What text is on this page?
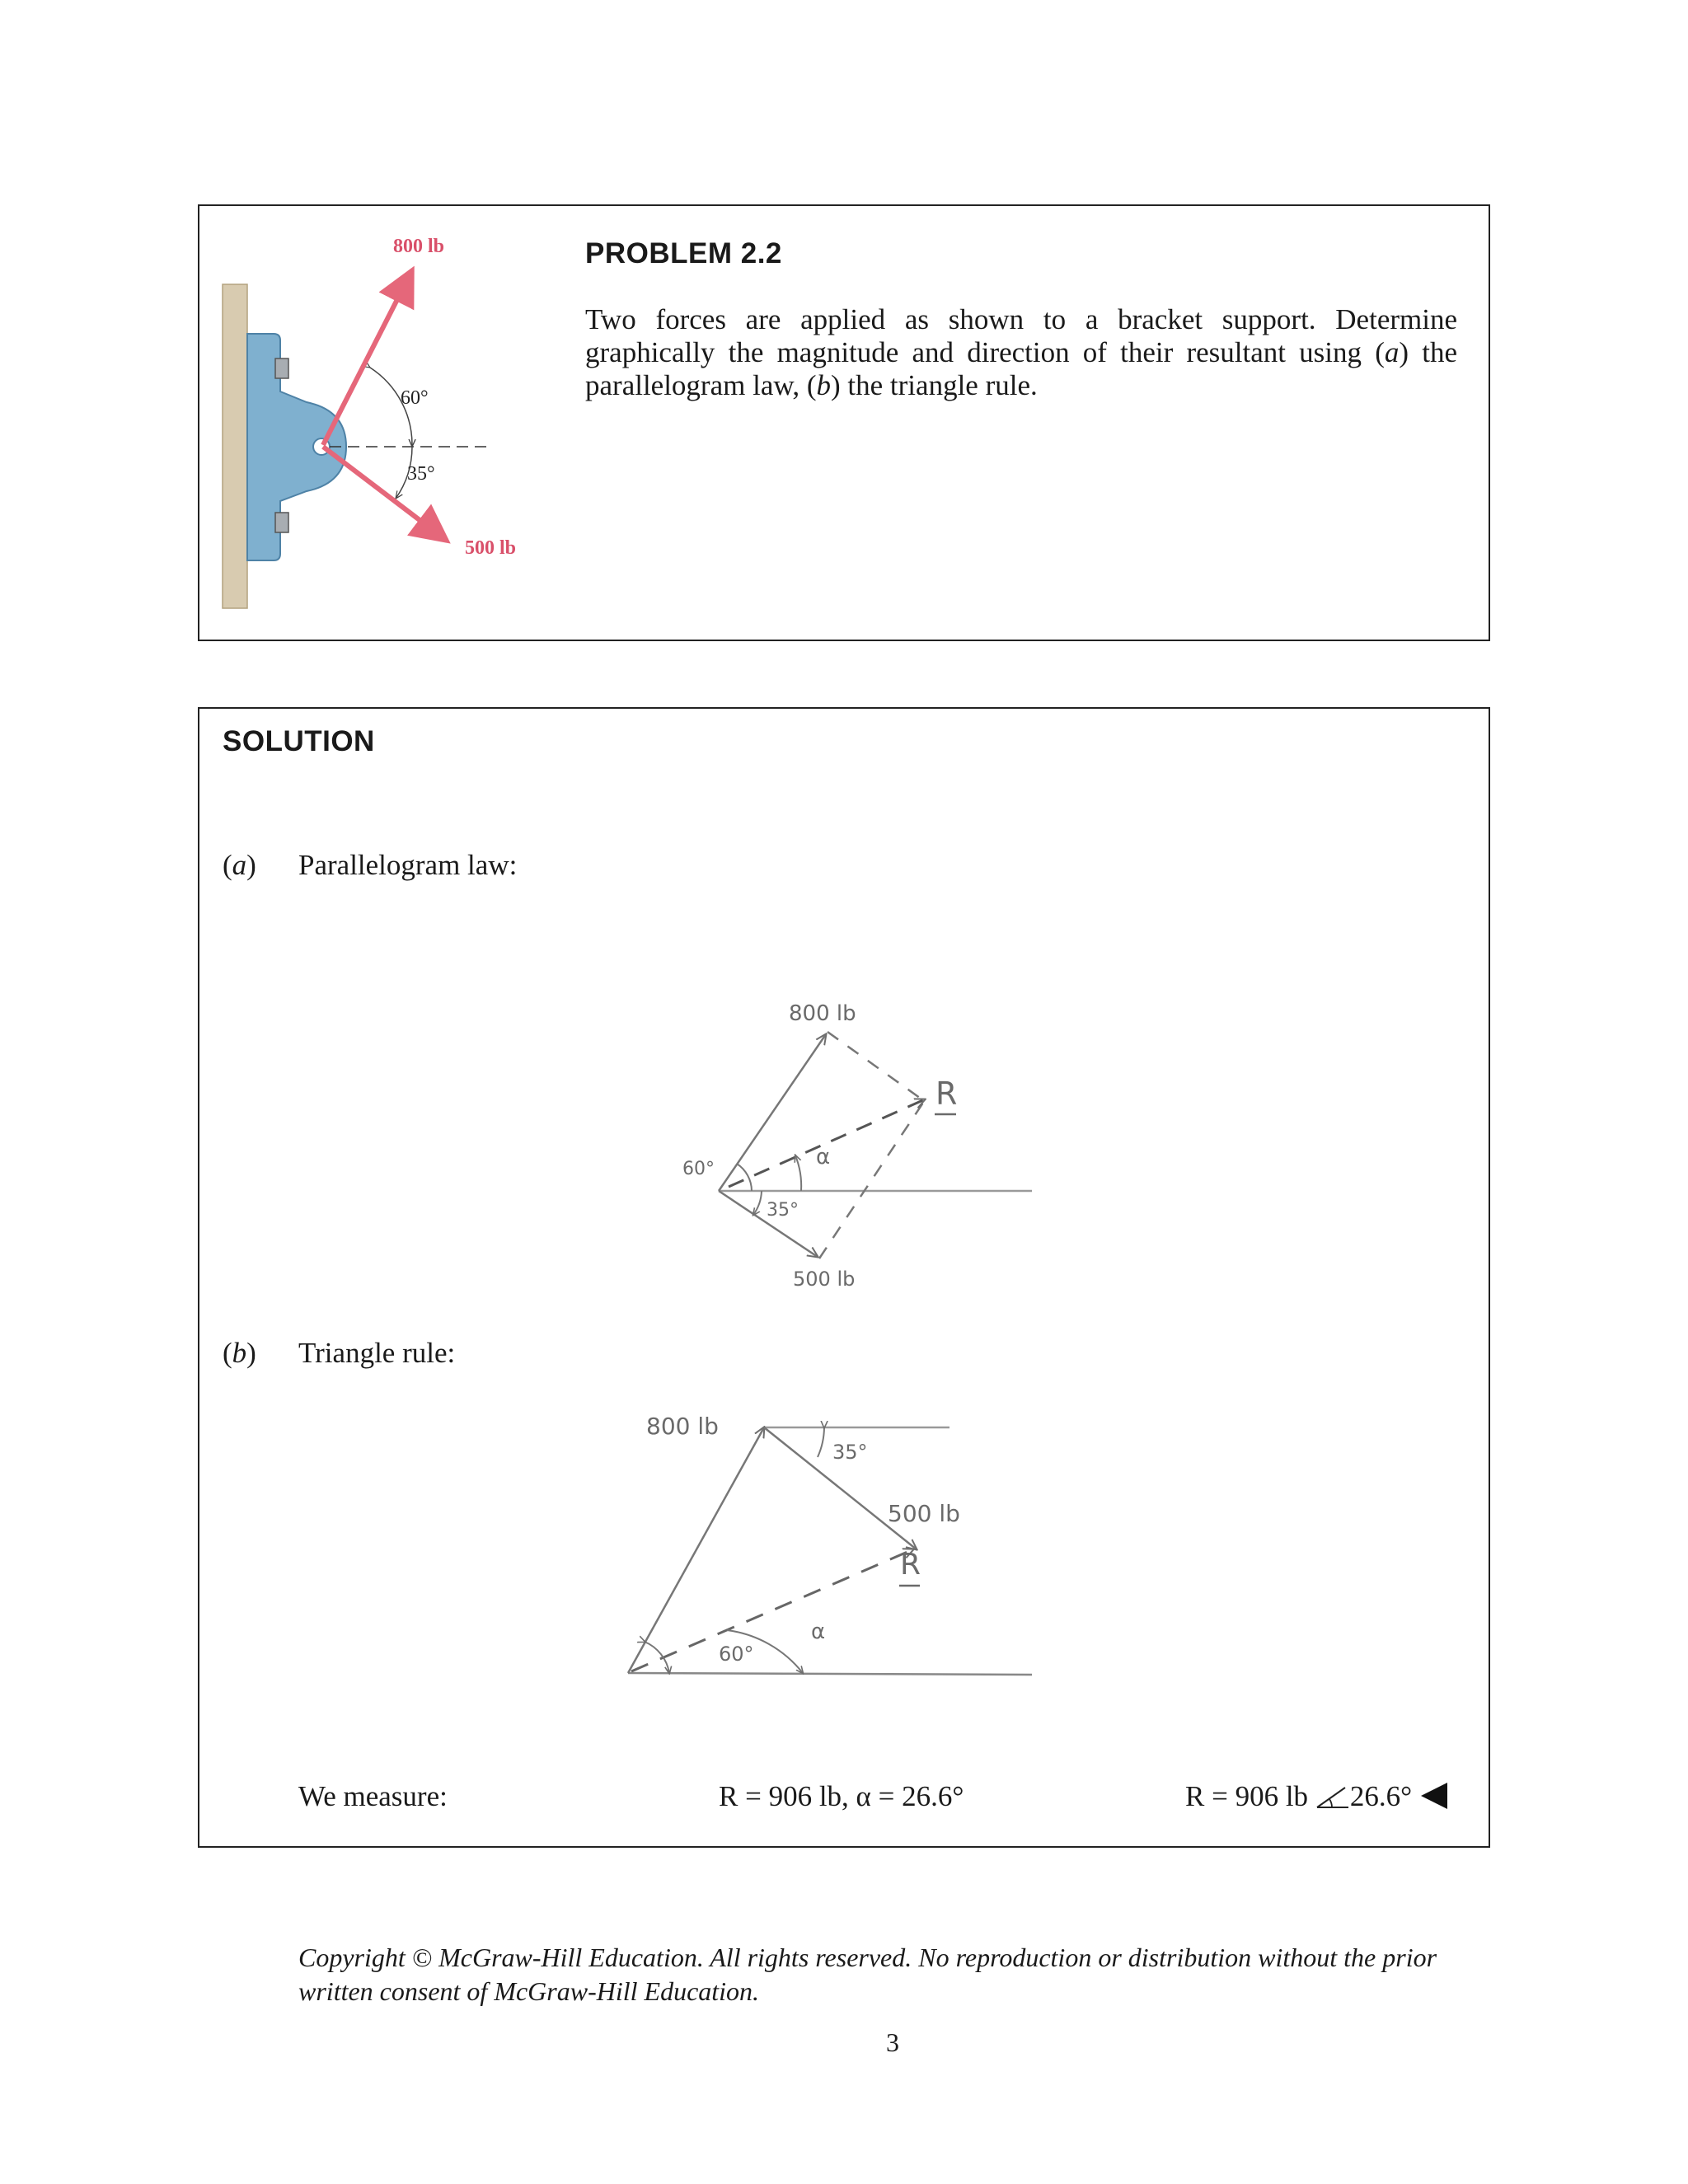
800 lb
500 lb
60°
35°
PROBLEM 2.2
Two forces are applied as shown to a bracket support. Determine graphically the magnitude and direction of their resultant using (a) the parallelogram law, (b) the triangle rule.
SOLUTION
(a) Parallelogram law:
800 lb
500 lb
60°
35°
α
R
(b) Triangle rule:
800 lb
35°
500 lb
R
60°
α
We measure:	R = 906 lb, α = 26.6°	R = 906 lb 26.6°
Copyright © McGraw-Hill Education. All rights reserved. No reproduction or distribution without the prior written consent of McGraw-Hill Education.
3
